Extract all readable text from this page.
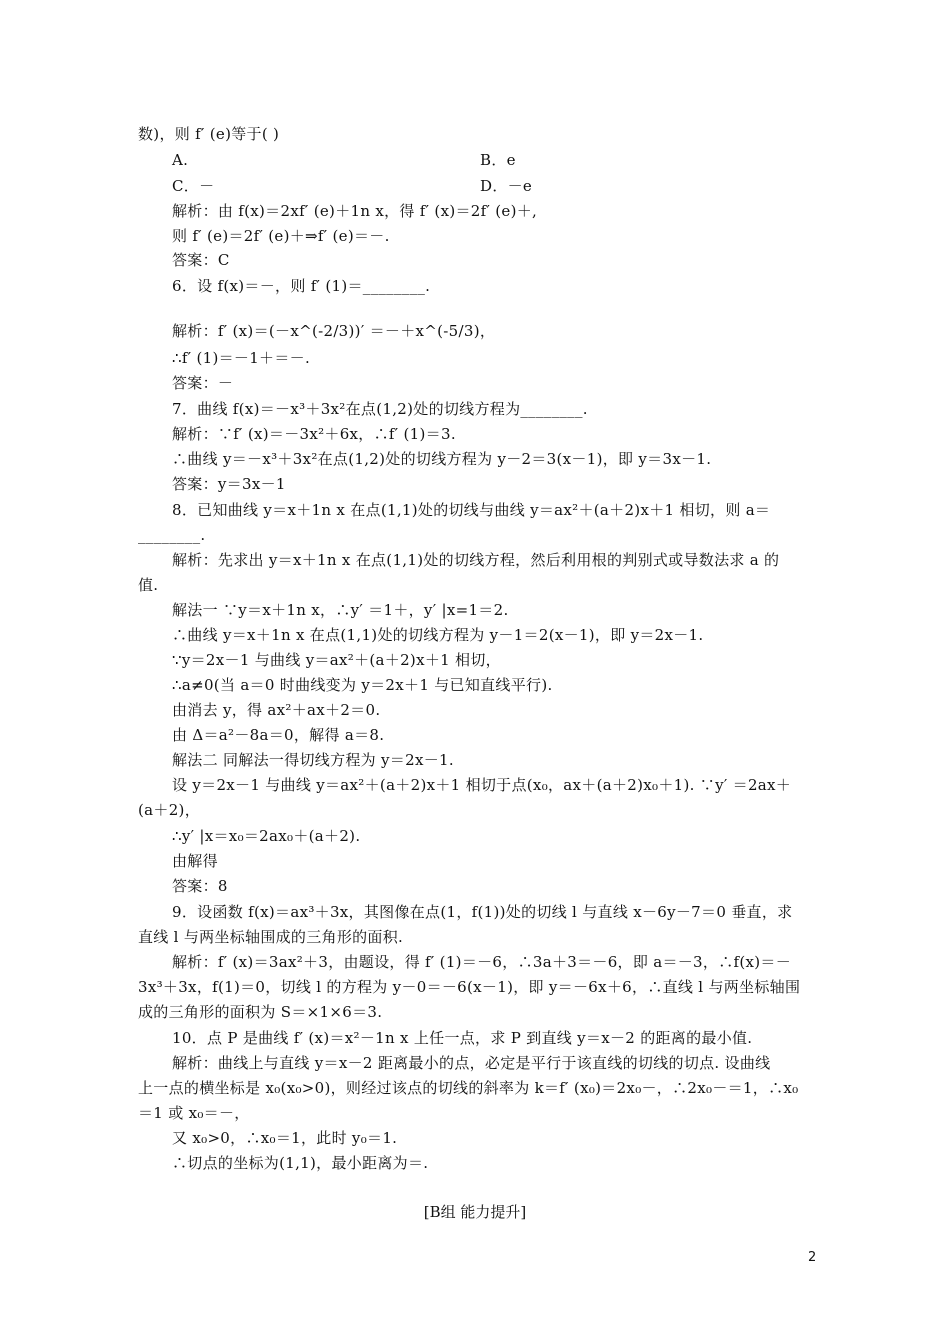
数)，则 f′ (e)等于( )
A.	B．e
C．－	D．－e
解析：由 f(x)＝2xf′ (e)＋1n x，得 f′ (x)＝2f′ (e)＋,
则 f′ (e)＝2f′ (e)＋⇒f′ (e)＝－.
答案：C
6．设 f(x)＝－，则 f′ (1)＝________.
解析：f′ (x)＝(－x^(-2/3))′ ＝－＋x^(-5/3)，
∴f′ (1)＝－1＋＝－.
答案：－
7．曲线 f(x)＝－x³＋3x²在点(1,2)处的切线方程为________.
解析：∵f′ (x)＝－3x²＋6x，∴f′ (1)＝3.
∴曲线 y＝－x³＋3x²在点(1,2)处的切线方程为 y－2＝3(x－1)，即 y＝3x－1.
答案：y＝3x－1
8．已知曲线 y＝x＋1n x 在点(1,1)处的切线与曲线 y＝ax²＋(a＋2)x＋1 相切，则 a＝
________.
解析：先求出 y＝x＋1n x 在点(1,1)处的切线方程，然后利用根的判别式或导数法求 a 的
值.
解法一 ∵y＝x＋1n x，∴y′ ＝1＋，y′ |x=1＝2.
∴曲线 y＝x＋1n x 在点(1,1)处的切线方程为 y－1＝2(x－1)，即 y＝2x－1.
∵y＝2x－1 与曲线 y＝ax²＋(a＋2)x＋1 相切，
∴a≠0(当 a＝0 时曲线变为 y＝2x＋1 与已知直线平行).
由消去 y，得 ax²＋ax＋2＝0.
由 Δ＝a²－8a＝0，解得 a＝8.
解法二 同解法一得切线方程为 y＝2x－1.
设 y＝2x－1 与曲线 y＝ax²＋(a＋2)x＋1 相切于点(x₀，ax＋(a＋2)x₀＋1). ∵y′ ＝2ax＋
(a＋2)，
∴y′ |x＝x₀＝2ax₀＋(a＋2).
由解得
答案：8
9．设函数 f(x)＝ax³＋3x，其图像在点(1，f(1))处的切线 l 与直线 x－6y－7＝0 垂直，求
直线 l 与两坐标轴围成的三角形的面积.
解析：f′ (x)＝3ax²＋3，由题设，得 f′ (1)＝－6，∴3a＋3＝－6，即 a＝－3，∴f(x)＝－
3x³＋3x，f(1)＝0，切线 l 的方程为 y－0＝－6(x－1)，即 y＝－6x＋6，∴直线 l 与两坐标轴围
成的三角形的面积为 S＝×1×6＝3.
10．点 P 是曲线 f′ (x)＝x²－1n x 上任一点，求 P 到直线 y＝x－2 的距离的最小值.
解析：曲线上与直线 y＝x－2 距离最小的点，必定是平行于该直线的切线的切点. 设曲线
上一点的横坐标是 x₀(x₀>0)，则经过该点的切线的斜率为 k＝f′ (x₀)＝2x₀－，∴2x₀－＝1，∴x₀
＝1 或 x₀＝－，
又 x₀>0，∴x₀＝1，此时 y₀＝1.
∴切点的坐标为(1,1)，最小距离为＝.
[B组 能力提升]
2
